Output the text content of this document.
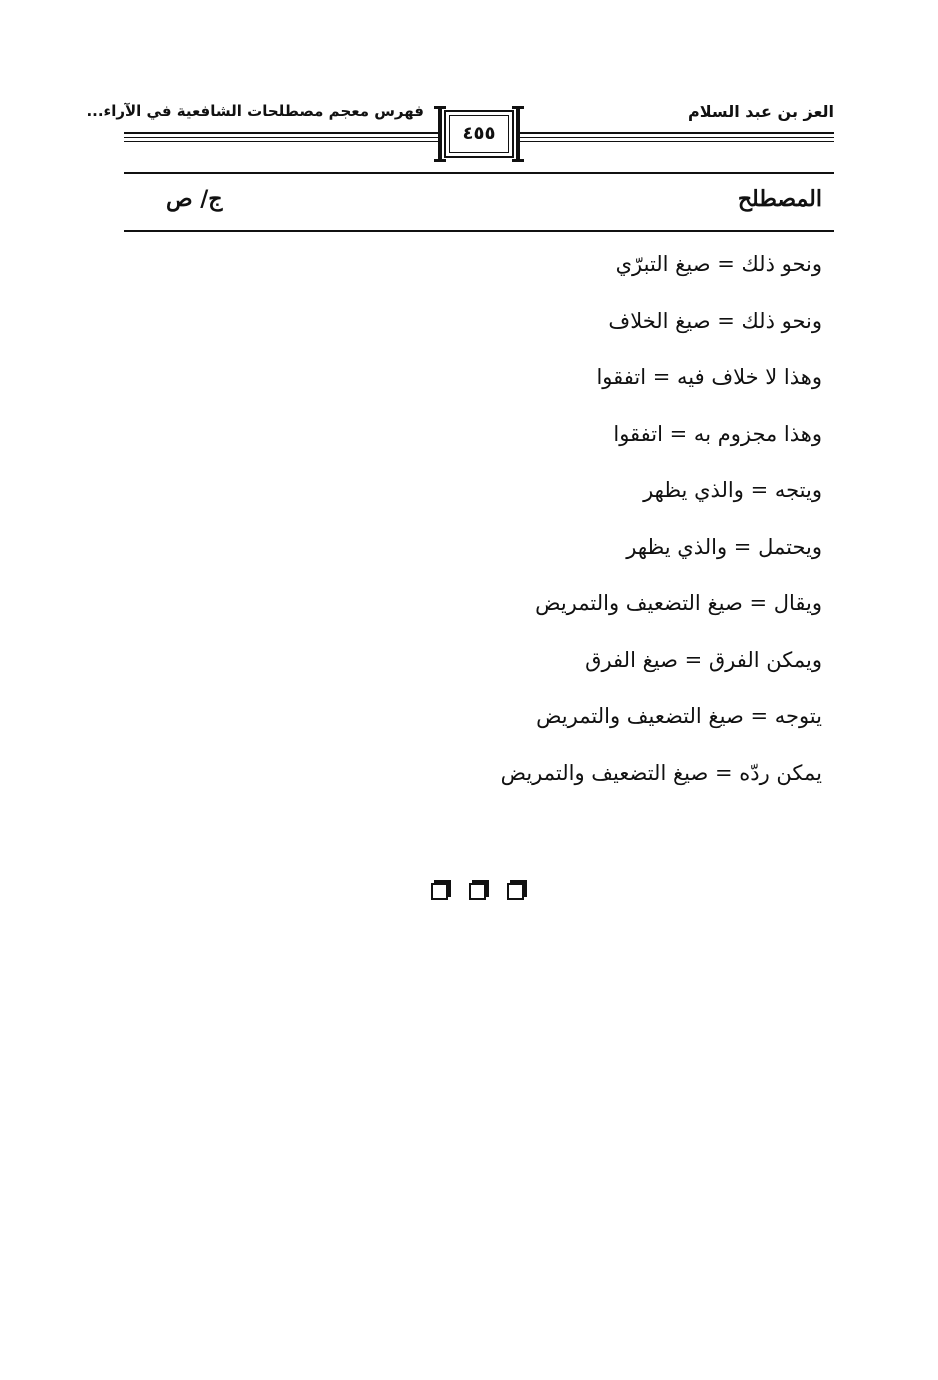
العز بن عبد السلام
فهرس معجم مصطلحات الشافعية في الآراء...
٤٥٥
المصطلح
ج/ ص
ونحو ذلك = صيغ التبرّي
ونحو ذلك = صيغ الخلاف
وهذا لا خلاف فيه = اتفقوا
وهذا مجزوم به = اتفقوا
ويتجه = والذي يظهر
ويحتمل = والذي يظهر
ويقال = صيغ التضعيف والتمريض
ويمكن الفرق = صيغ الفرق
يتوجه = صيغ التضعيف والتمريض
يمكن ردّه = صيغ التضعيف والتمريض
